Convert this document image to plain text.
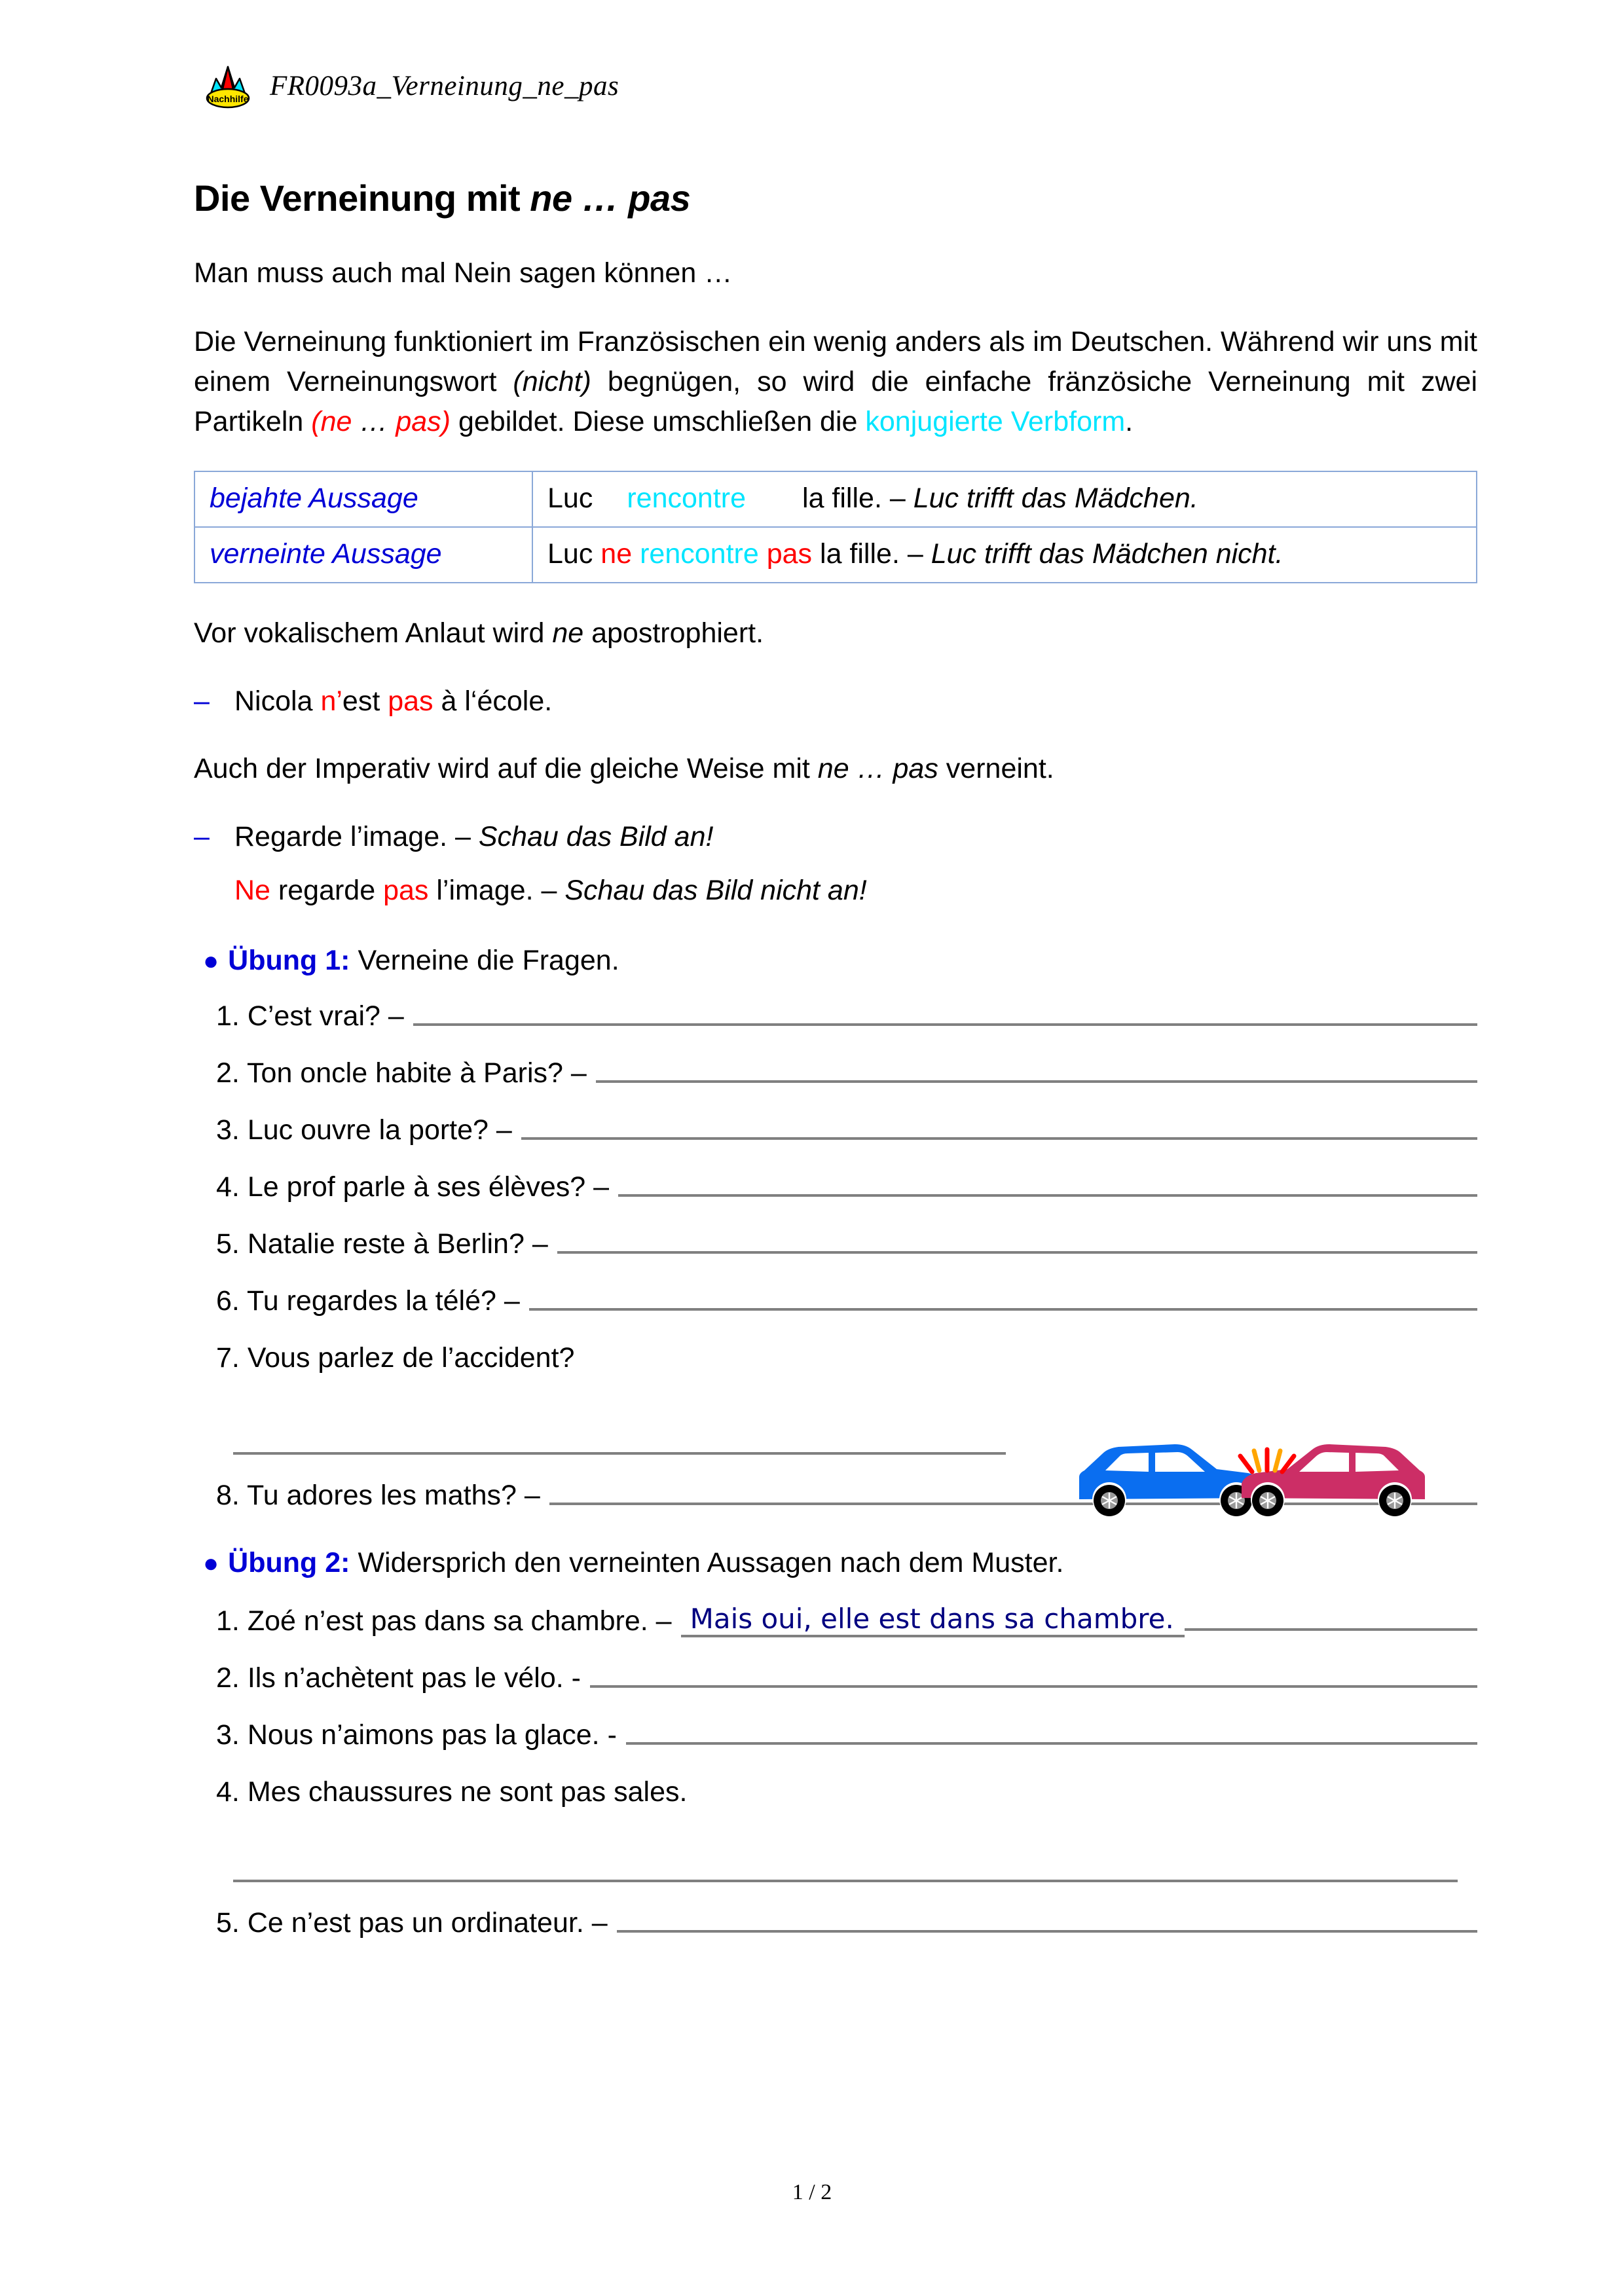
Nachhilfe FR0093a_Verneinung_ne_pas
Die Verneinung mit ne … pas

Man muss auch mal Nein sagen können …

Die Verneinung funktioniert im Französischen ein wenig anders als im Deutschen. Während wir uns mit einem Verneinungswort (nicht) begnügen, so wird die einfache fränzösiche Verneinung mit zwei Partikeln (ne … pas) gebildet. Diese umschließen die konjugierte Verbform.

bejahte Aussage	Luc rencontre la fille. – Luc trifft das Mädchen.
verneinte Aussage	Luc ne rencontre pas la fille. – Luc trifft das Mädchen nicht.

Vor vokalischem Anlaut wird ne apostrophiert.

– Nicola n’est pas à l‘école.

Auch der Imperativ wird auf die gleiche Weise mit ne … pas verneint.

– Regarde l’image. – Schau das Bild an!

Ne regarde pas l’image. – Schau das Bild nicht an!

● Übung 1: Verneine die Fragen.

1. C’est vrai? –
2. Ton oncle habite à Paris? –
3. Luc ouvre la porte? –
4. Le prof parle à ses élèves? –
5. Natalie reste à Berlin? –
6. Tu regardes la télé? –
7. Vous parlez de l’accident?
8. Tu adores les maths? –

● Übung 2: Widersprich den verneinten Aussagen nach dem Muster.

1. Zoé n’est pas dans sa chambre. – Mais oui, elle est dans sa chambre.
2. Ils n’achètent pas le vélo. -
3. Nous n’aimons pas la glace. -
4. Mes chaussures ne sont pas sales.
5. Ce n’est pas un ordinateur. –
1 / 2
